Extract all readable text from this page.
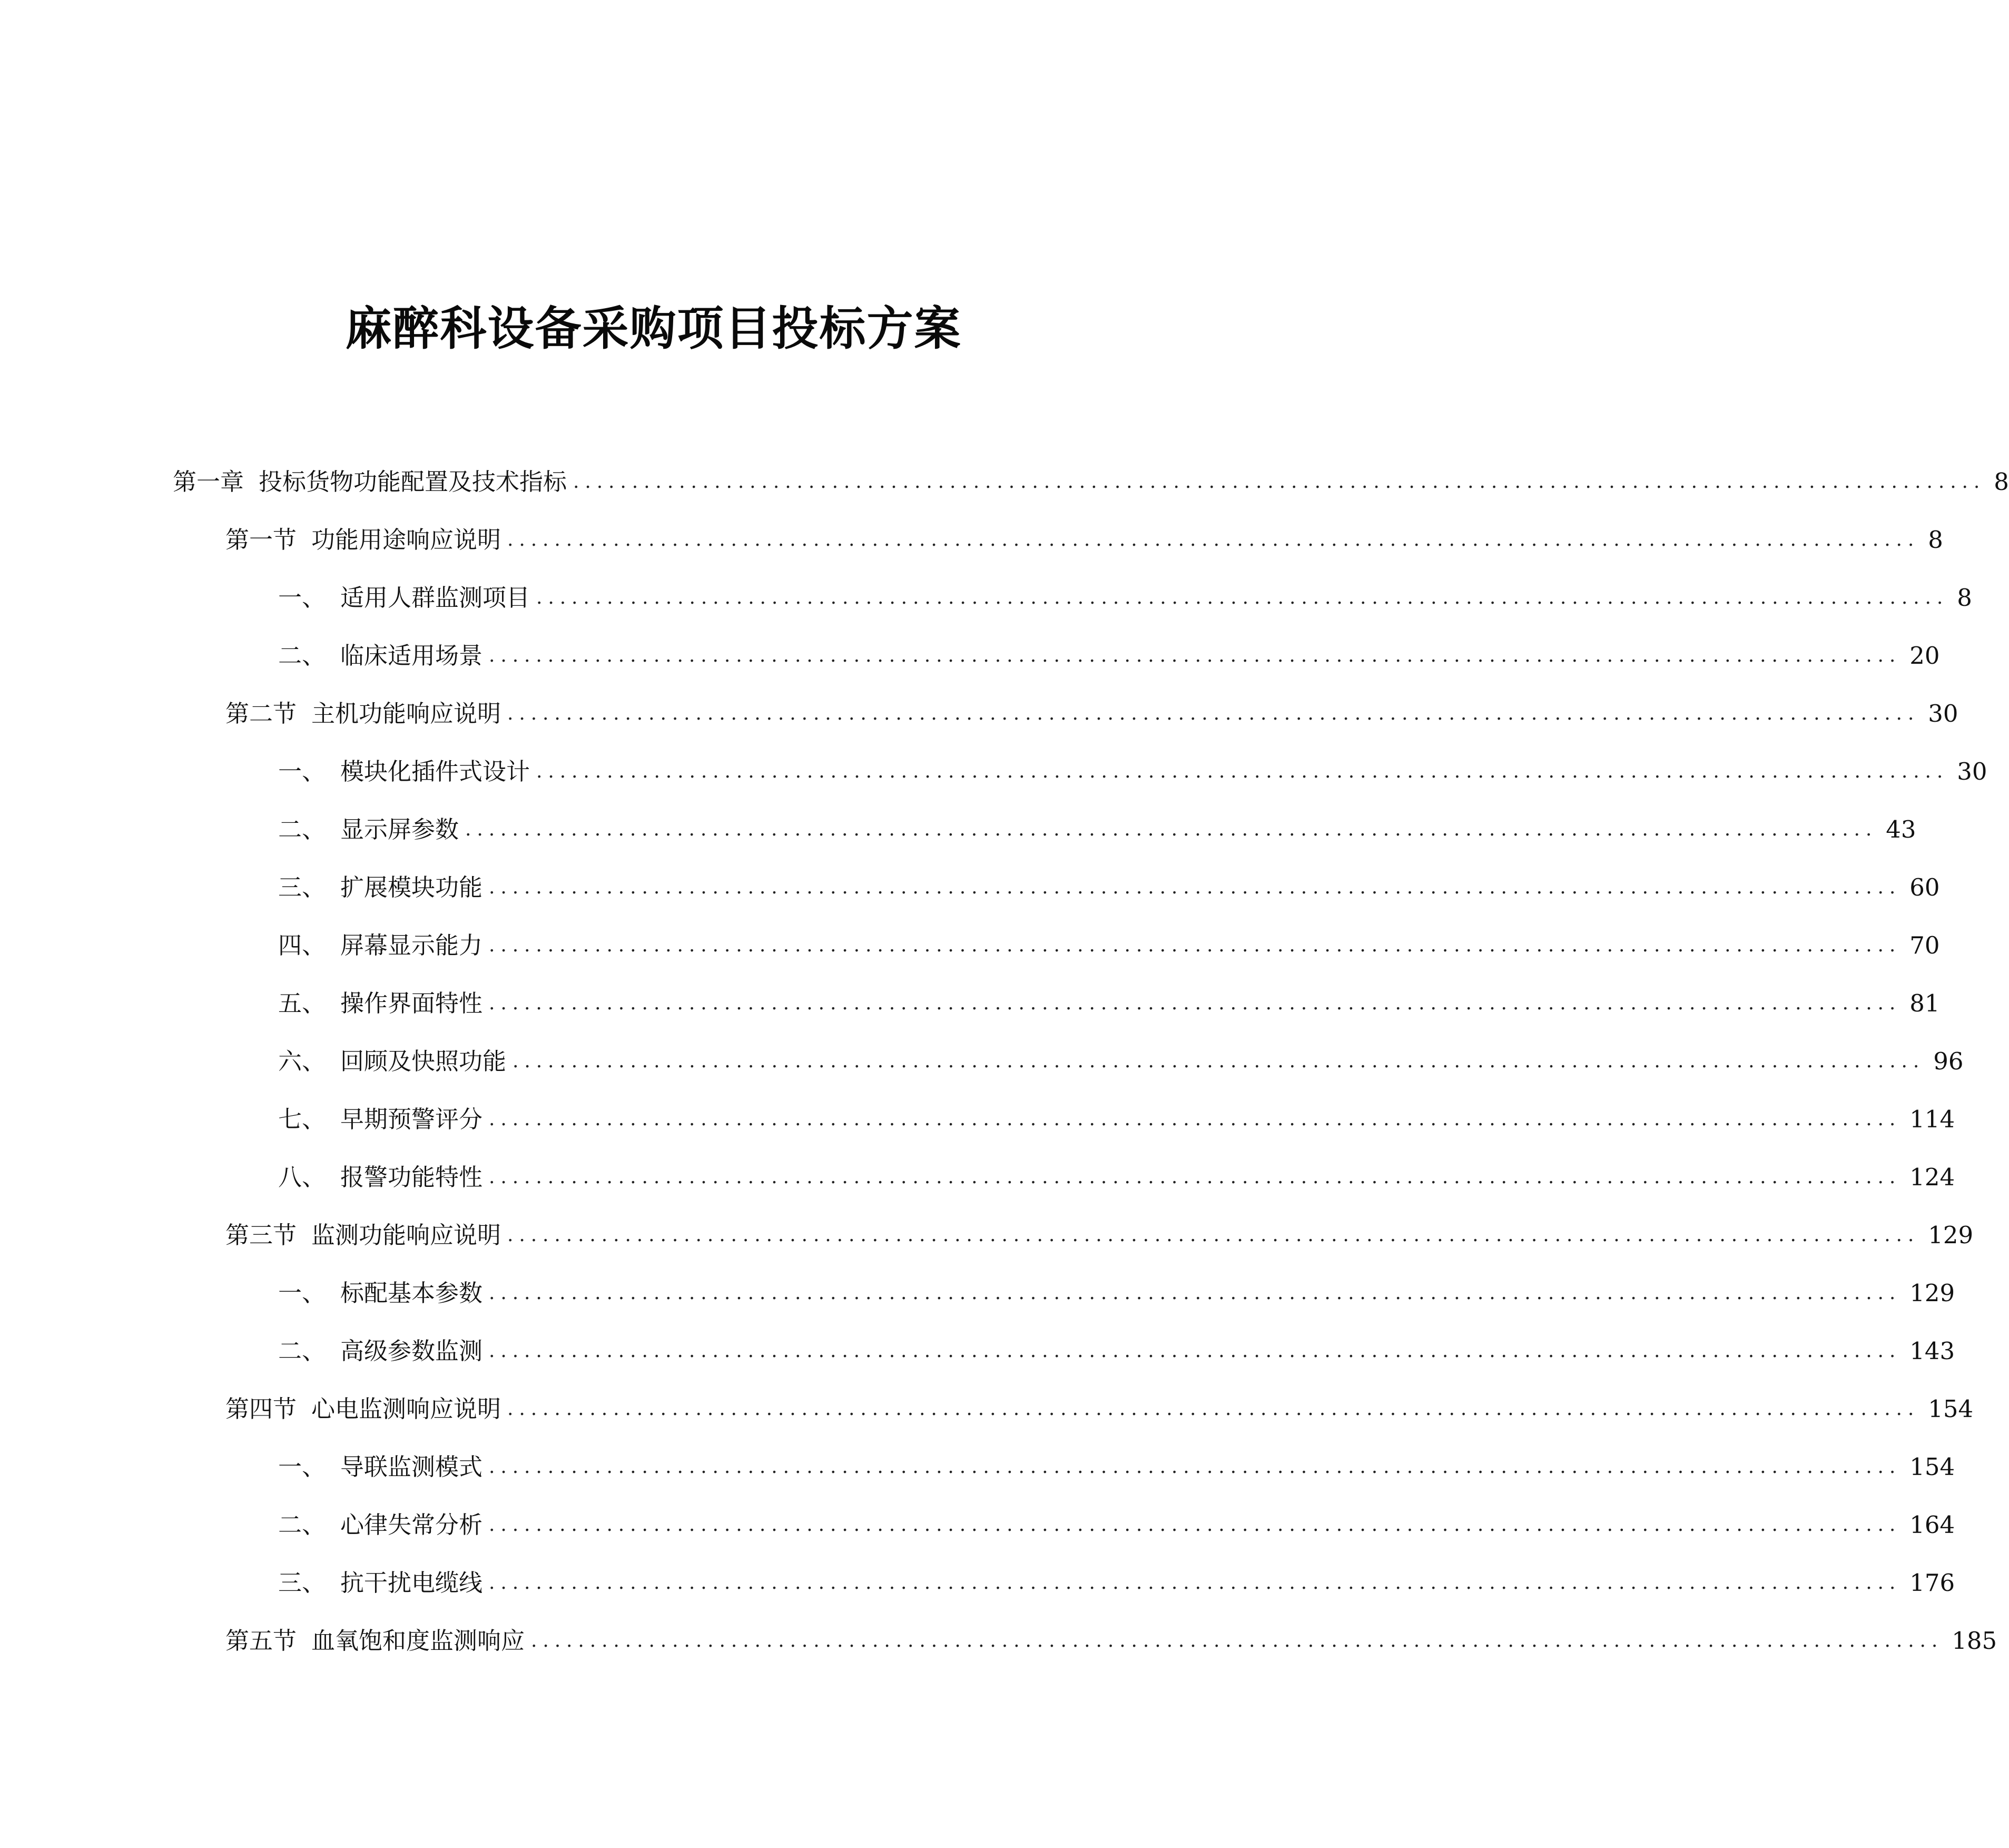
麻醉科设备采购项目投标方案
第一章 投标货物功能配置及技术指标 ........................................................................................................................ 8
第一节 功能用途响应说明 ........................................................................................................................ 8
一、 适用人群监测项目 ........................................................................................................................ 8
二、 临床适用场景 ........................................................................................................................ 20
第二节 主机功能响应说明 ........................................................................................................................ 30
一、 模块化插件式设计 ........................................................................................................................ 30
二、 显示屏参数 ........................................................................................................................ 43
三、 扩展模块功能 ........................................................................................................................ 60
四、 屏幕显示能力 ........................................................................................................................ 70
五、 操作界面特性 ........................................................................................................................ 81
六、 回顾及快照功能 ........................................................................................................................ 96
七、 早期预警评分 ........................................................................................................................ 114
八、 报警功能特性 ........................................................................................................................ 124
第三节 监测功能响应说明 ........................................................................................................................ 129
一、 标配基本参数 ........................................................................................................................ 129
二、 高级参数监测 ........................................................................................................................ 143
第四节 心电监测响应说明 ........................................................................................................................ 154
一、 导联监测模式 ........................................................................................................................ 154
二、 心律失常分析 ........................................................................................................................ 164
三、 抗干扰电缆线 ........................................................................................................................ 176
第五节 血氧饱和度监测响应 ........................................................................................................................ 185
